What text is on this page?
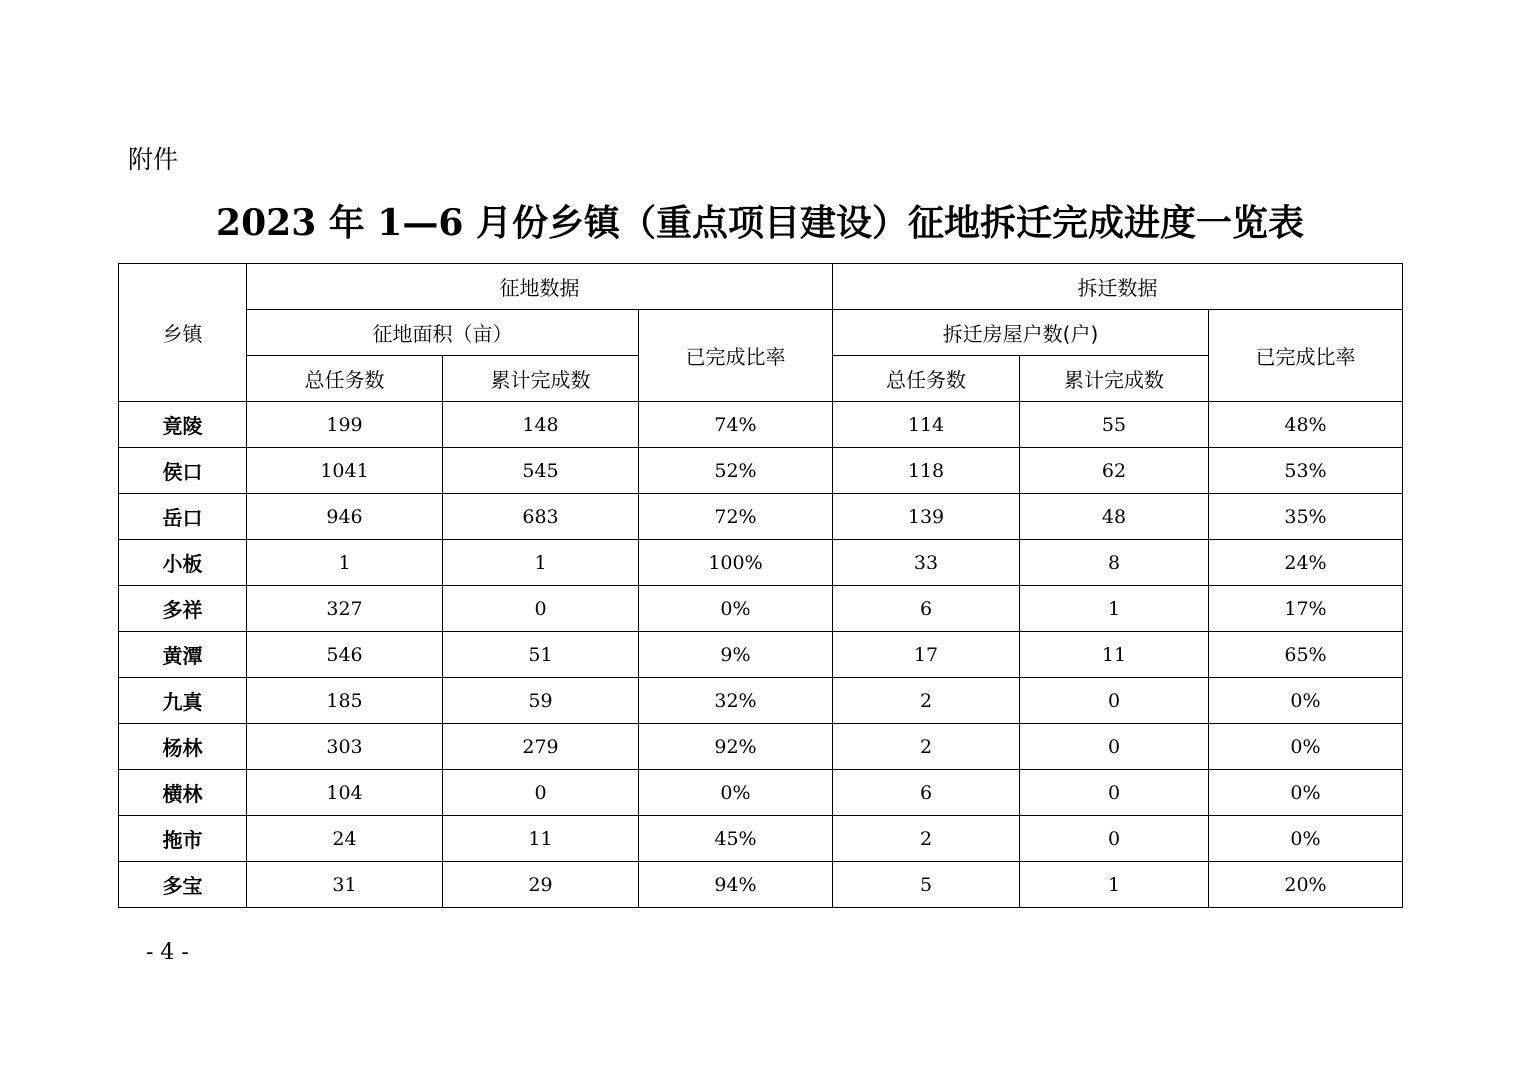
附件
2023 年 1—6 月份乡镇（重点项目建设）征地拆迁完成进度一览表
乡镇	征地数据			拆迁数据		
	征地面积（亩）		已完成比率	拆迁房屋户数(户)		已完成比率
	总任务数	累计完成数		总任务数	累计完成数	
竟陵	199	148	74%	114	55	48%
侯口	1041	545	52%	118	62	53%
岳口	946	683	72%	139	48	35%
小板	1	1	100%	33	8	24%
多祥	327	0	0%	6	1	17%
黄潭	546	51	9%	17	11	65%
九真	185	59	32%	2	0	0%
杨林	303	279	92%	2	0	0%
横林	104	0	0%	6	0	0%
拖市	24	11	45%	2	0	0%
多宝	31	29	94%	5	1	20%
- 4 -
